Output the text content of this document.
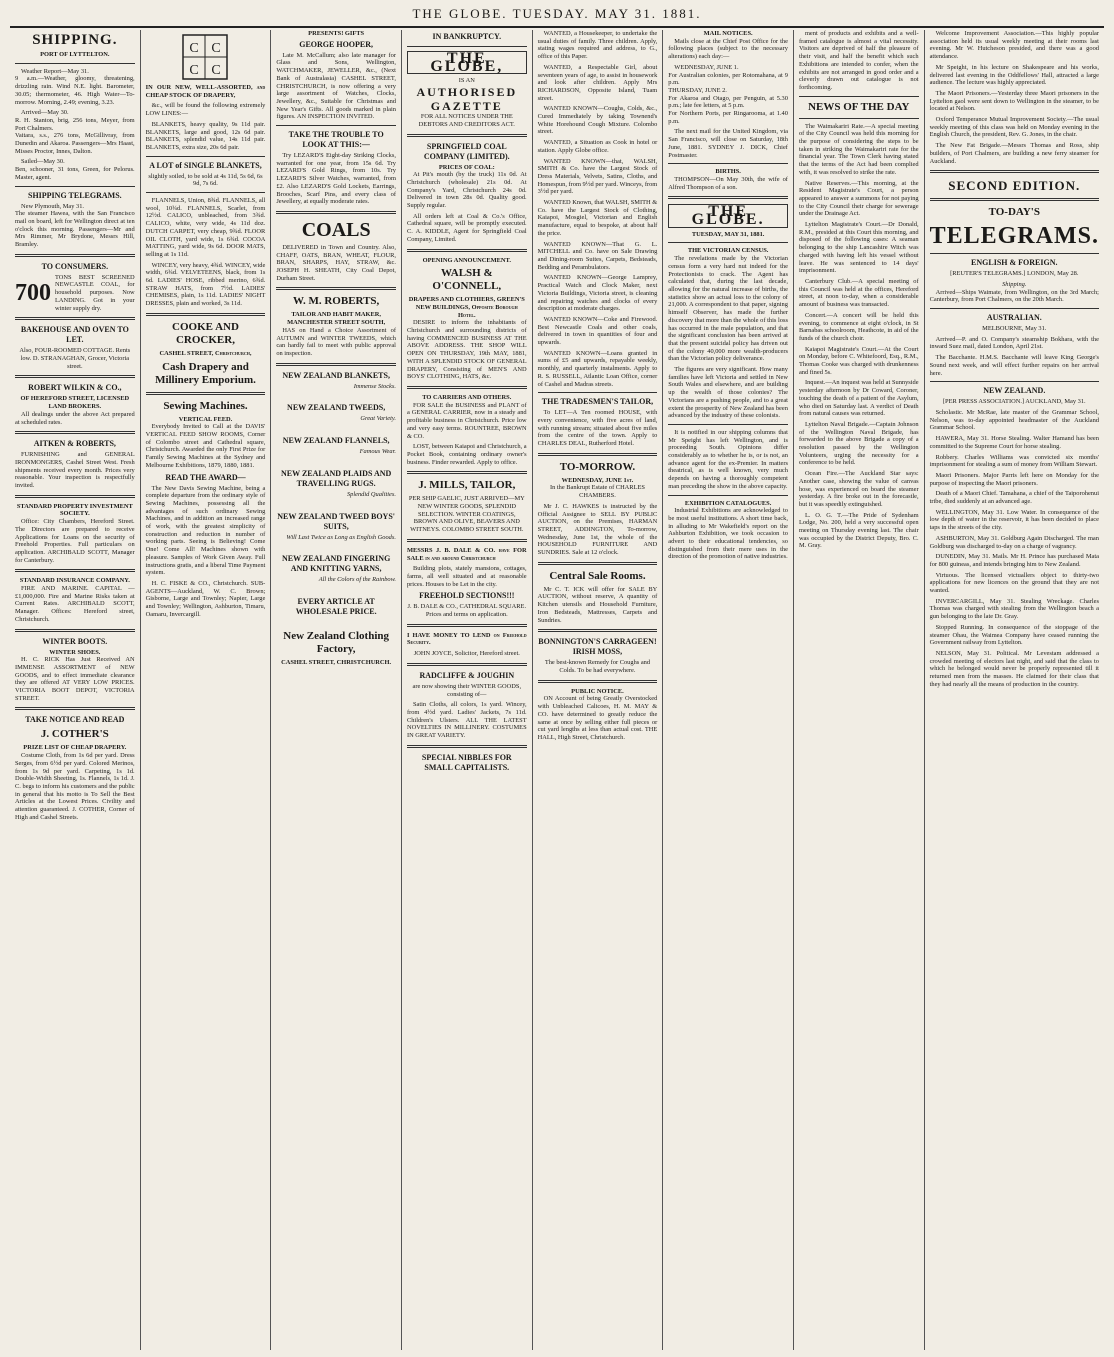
THE GLOBE. TUESDAY. MAY 31. 1881.
SHIPPING.
PORT OF LYTTELTON.

Weather Report—May 31.
9 a.m.—Weather, gloomy, threatening, drizzling rain. Wind N.E. light. Barometer, 30.05; thermometer, 46. High Water—To-morrow. Morning, 2.49; evening, 3.23.

Arrived—May 30.
R. H. Stanton, brig, 256 tons, Meyer, from Port Chalmers.
Vaitara, s.s., 276 tons, McGillivray, from Dunedin and Akaroa. Passengers—Mrs Haast, Misses Proctor, Innes, Dalton.

Sailed—May 30.
Ben, schooner, 31 tons, Green, for Pelorus. Master, agent.

SHIPPING TELEGRAMS.

New Plymouth, May 31.
The steamer Hawea, with the San Francisco mail on board, left for Wellington direct at ten o'clock this morning. Passengers—Mr and Mrs Rimmer, Mr Brydone, Messrs Hill, Bramley.

TO CONSUMERS.
700
TONS BEST SCREENED NEWCASTLE COAL, for household purposes. Now LANDING. Got in your winter supply dry.
BAKEHOUSE AND OVEN TO LET.

Also, FOUR-ROOMED COTTAGE. Rents low. D. STRANAGHAN, Grocer, Victoria street.

ROBERT WILKIN & CO.,
OF HEREFORD STREET, LICENSED LAND BROKERS.

All dealings under the above Act prepared at scheduled rates.

AITKEN & ROBERTS,

FURNISHING and GENERAL IRONMONGERS, Cashel Street West. Fresh shipments received every month. Prices very reasonable. Your inspection is respectfully invited.

STANDARD PROPERTY INVESTMENT SOCIETY.

Office: City Chambers, Hereford Street. The Directors are prepared to receive Applications for Loans on the security of Freehold Properties. Full particulars on application. ARCHIBALD SCOTT, Manager for Canterbury.

STANDARD INSURANCE COMPANY.

FIRE AND MARINE. CAPITAL — £1,000,000. Fire and Marine Risks taken at Current Rates. ARCHIBALD SCOTT, Manager. Offices: Hereford street, Christchurch.

WINTER BOOTS.
WINTER SHOES.

H. C. RICK Has Just Received AN IMMENSE ASSORTMENT of NEW GOODS, and to effect immediate clearance they are offered AT VERY LOW PRICES. VICTORIA BOOT DEPOT, VICTORIA STREET.

TAKE NOTICE AND READ
J. COTHER'S
PRIZE LIST OF CHEAP DRAPERY.

Costume Cloth, from 1s 6d per yard. Dress Serges, from 6½d per yard. Colored Merinos, from 1s 9d per yard. Carpeting, 1s 1d. Double-Width Sheeting, 1s. Flannels, 1s 1d. J. C. begs to inform his customers and the public in general that his motto is To Sell the Best Articles at the Lowest Prices. Civility and attention guaranteed. J. COTHER, Corner of High and Cashel Streets.

C C
C C

IN OUR NEW, WELL-ASSORTED, and CHEAP STOCK OF DRAPERY,

&c., will be found the following extremely LOW LINES:—

BLANKETS, heavy quality, 9s 11d pair. BLANKETS, large and good, 12s 6d pair. BLANKETS, splendid value, 14s 11d pair. BLANKETS, extra size, 20s 6d pair.

A LOT of SINGLE BLANKETS,

slightly soiled, to be sold at 4s 11d, 5s 6d, 6s 9d, 7s 6d.

FLANNELS, Union, 8¾d. FLANNELS, all wool, 10¾d. FLANNELS, Scarlet, from 12½d. CALICO, unbleached, from 3¾d. CALICO, white, very wide, 4s 11d doz. DUTCH CARPET, very cheap, 9¾d. FLOOR OIL CLOTH, yard wide, 1s 6¾d. COCOA MATTING, yard wide, 9s 6d. DOOR MATS, selling at 1s 11d.

WINCEY, very heavy, 4¾d. WINCEY, wide width, 6¾d. VELVETEENS, black, from 1s 6d. LADIES' HOSE, ribbed merino, 6¾d. STRAW HATS, from 7½d. LADIES' CHEMISES, plain, 1s 11d. LADIES' NIGHT DRESSES, plain and worked, 3s 11d.

COOKE AND CROCKER,
CASHEL STREET, Christchurch,
Cash Drapery and Millinery Emporium.
Sewing Machines.
VERTICAL FEED.

Everybody Invited to Call at the DAVIS' VERTICAL FEED SHOW ROOMS, Corner of Colombo street and Cathedral square, Christchurch. Awarded the only First Prize for Family Sewing Machines at the Sydney and Melbourne Exhibitions, 1879, 1880, 1881.

READ THE AWARD—

The New Davis Sewing Machine, being a complete departure from the ordinary style of Sewing Machines, possessing all the advantages of such ordinary Sewing Machines, and in addition an increased range of work, with the greatest simplicity of construction and reduction in number of working parts. Seeing is Believing! Come One! Come All! Machines shown with pleasure. Samples of Work Given Away. Full instructions gratis, and a liberal Time Payment system.

H. C. FISKE & CO., Christchurch. SUB-AGENTS—Auckland, W. C. Brown; Gisborne, Large and Townley; Napier, Large and Townley; Wellington, Ashburton, Timaru, Oamaru, Invercargill.

PRESENTS! GIFTS
GEORGE HOOPER,

Late M. McCallum; also late manager for Glass and Sons, Wellington, WATCHMAKER, JEWELLER, &c., (Next Bank of Australasia) CASHEL STREET, CHRISTCHURCH, is now offering a very large assortment of Watches, Clocks, Jewellery, &c., Suitable for Christmas and New Year's Gifts. All goods marked in plain figures. AN INSPECTION INVITED.

TAKE THE TROUBLE TO LOOK AT THIS:—

Try LEZARD'S Eight-day Striking Clocks, warranted for one year, from 15s 6d. Try LEZARD'S Gold Rings, from 10s. Try LEZARD'S Silver Watches, warranted, from £2. Also LEZARD'S Gold Lockets, Earrings, Brooches, Scarf Pins, and every class of Jewellery, at equally moderate rates.

COALS

DELIVERED in Town and Country. Also, CHAFF, OATS, BRAN, WHEAT, FLOUR, BRAN, SHARPS, HAY, STRAW, &c. JOSEPH H. SHEATH, City Coal Depot, Durham Street.

W. M. ROBERTS,
TAILOR AND HABIT MAKER, MANCHESTER STREET SOUTH,

HAS on Hand a Choice Assortment of AUTUMN and WINTER TWEEDS, which can hardly fail to meet with public approval on inspection.

NEW ZEALAND BLANKETS,

Immense Stocks.

NEW ZEALAND TWEEDS,

Great Variety.

NEW ZEALAND FLANNELS,

Famous Wear.

NEW ZEALAND PLAIDS AND TRAVELLING RUGS.

Splendid Qualities.

NEW ZEALAND TWEED BOYS' SUITS,

Will Last Twice as Long as English Goods.

NEW ZEALAND FINGERING AND KNITTING YARNS,

All the Colors of the Rainbow.

EVERY ARTICLE AT WHOLESALE PRICE.
New Zealand Clothing Factory,
CASHEL STREET, CHRISTCHURCH.
IN BANKRUPTCY.
THE GLOBE,
IS AN
AUTHORISED GAZETTE

FOR ALL NOTICES UNDER THE DEBTORS AND CREDITORS ACT.

SPRINGFIELD COAL COMPANY (LIMITED).
PRICES OF COAL:

At Pit's mouth (by the truck) 11s 0d. At Christchurch (wholesale) 21s 0d. At Company's Yard, Christchurch 24s 0d. Delivered in town 28s 0d. Quality good. Supply regular.

All orders left at Coal & Co.'s Office, Cathedral square, will be promptly executed. C. A. KIDDLE, Agent for Springfield Coal Company, Limited.

OPENING ANNOUNCEMENT.
WALSH & O'CONNELL,
DRAPERS AND CLOTHIERS, GREEN'S NEW BUILDINGS, Opposite Borough Hotel.

DESIRE to inform the inhabitants of Christchurch and surrounding districts of having COMMENCED BUSINESS AT THE ABOVE ADDRESS. THE SHOP WILL OPEN ON THURSDAY, 19th MAY, 1881, WITH A SPLENDID STOCK OF GENERAL DRAPERY, Consisting of MEN'S AND BOYS' CLOTHING, HATS, &c.

TO CARRIERS AND OTHERS.

FOR SALE the BUSINESS and PLANT of a GENERAL CARRIER, now in a steady and profitable business in Christchurch. Price low and very easy terms. ROUNTREE, BROWN & CO.

LOST, between Kaiapoi and Christchurch, a Pocket Book, containing ordinary owner's business. Finder rewarded. Apply to office.

J. MILLS, TAILOR,

PER SHIP GAELIC, JUST ARRIVED—MY NEW WINTER GOODS, SPLENDID SELECTION. WINTER COATINGS, BROWN AND OLIVE, BEAVERS AND WITNEYS. COLOMBO STREET SOUTH.

MESSRS J. B. DALE & CO. have FOR SALE in and around Christchurch

Building plots, stately mansions, cottages, farms, all well situated and at reasonable prices. Houses to be Let in the city.

FREEHOLD SECTIONS!!!

J. B. DALE & CO., CATHEDRAL SQUARE. Prices and terms on application.

I HAVE MONEY TO LEND on Freehold Security.

JOHN JOYCE, Solicitor, Hereford street.

RADCLIFFE & JOUGHIN

are now showing their WINTER GOODS, consisting of—

Satin Cloths, all colors, 1s yard. Wincey, from 4½d yard. Ladies' Jackets, 7s 11d. Children's Ulsters. ALL THE LATEST NOVELTIES IN MILLINERY. COSTUMES IN GREAT VARIETY.

SPECIAL NIBBLES FOR SMALL CAPITALISTS.

WANTED, a Housekeeper, to undertake the usual duties of family. Three children. Apply, stating wages required and address, to G., office of this Paper.

WANTED, a Respectable Girl, about seventeen years of age, to assist in housework and look after children. Apply Mrs RICHARDSON, Opposite Island, Tuam street.

WANTED KNOWN—Coughs, Colds, &c., Cured Immediately by taking Townend's White Horehound Cough Mixture. Colombo street.

WANTED, a Situation as Cook in hotel or station. Apply Globe office.

WANTED KNOWN—that, WALSH, SMITH & Co. have the Largest Stock of Dress Materials, Velvets, Satins, Cloths, and Homespun, from 9½d per yard. Winceys, from 3½d per yard.

WANTED Known, that WALSH, SMITH & Co. have the Largest Stock of Clothing, Kaiapoi, Mosgiel, Victorian and English manufacture, equal to bespoke, at about half the price.

WANTED KNOWN—That G. L. MITCHELL and Co. have on Sale Drawing and Dining-room Suites, Carpets, Bedsteads, Bedding and Perambulators.

WANTED KNOWN—George Lamprey, Practical Watch and Clock Maker, next Victoria Buildings, Victoria street, is cleaning and repairing watches and clocks of every description at moderate charges.

WANTED KNOWN—Coke and Firewood. Best Newcastle Coals and other coals, delivered in town in quantities of four and upwards.

WANTED KNOWN—Loans granted in sums of £5 and upwards, repayable weekly, monthly, and quarterly instalments. Apply to R. S. RUSSELL, Atlantic Loan Office, corner of Cashel and Madras streets.

THE TRADESMEN'S TAILOR,

To LET—A Ten roomed HOUSE, with every convenience, with five acres of land, with running stream; situated about five miles from the centre of the town. Apply to CHARLES DEAL, Rutherford Hotel.

TO-MORROW.
WEDNESDAY, JUNE 1st.

In the Bankrupt Estate of CHARLES CHAMBERS.

Mr J. C. HAWKES is instructed by the Official Assignee to SELL BY PUBLIC AUCTION, on the Premises, HARMAN STREET, ADDINGTON, To-morrow, Wednesday, June 1st, the whole of the HOUSEHOLD FURNITURE AND SUNDRIES. Sale at 12 o'clock.

Central Sale Rooms.

Mr C. T. ICK will offer for SALE BY AUCTION, without reserve, A quantity of Kitchen utensils and Household Furniture, Iron Bedsteads, Mattresses, Carpets and Sundries.

BONNINGTON'S CARRAGEEN! IRISH MOSS,

The best-known Remedy for Coughs and Colds. To be had everywhere.

PUBLIC NOTICE.

ON Account of being Greatly Overstocked with Unbleached Calicoes, H. M. MAY & CO. have determined to greatly reduce the same at once by selling either full pieces or cut yard lengths at less than actual cost. THE HALL, High Street, Christchurch.

MAIL NOTICES.

Mails close at the Chief Post Office for the following places (subject to the necessary alterations) each day:—

WEDNESDAY, JUNE 1.
For Australian colonies, per Rotomahana, at 9 p.m.
THURSDAY, JUNE 2.
For Akaroa and Otago, per Penguin, at 5.30 p.m.; late fee letters, at 5 p.m.
For Northern Ports, per Ringarooma, at 1.40 p.m.

The next mail for the United Kingdom, via San Francisco, will close on Saturday, 18th June, 1881. SYDNEY J. DICK, Chief Postmaster.

BIRTHS.

THOMPSON—On May 30th, the wife of Alfred Thompson of a son.

THE GLOBE.
TUESDAY, MAY 31, 1881.
THE VICTORIAN CENSUS.

The revelations made by the Victorian census form a very hard nut indeed for the Protectionists to crack. The Agent has calculated that, during the last decade, allowing for the natural increase of births, the statistics show an actual loss to the colony of 21,000. A correspondent to that paper, signing himself Observer, has made the further discovery that more than the whole of this loss has occurred in the male population, and that the significant conclusion has been arrived at that the present suicidal policy has driven out of the colony 40,000 more wealth-producers than the Victorian policy deliverance.

The figures are very significant. How many families have left Victoria and settled in New South Wales and elsewhere, and are building up the wealth of those colonies? The Victorians are a pushing people, and to a great extent the prosperity of New Zealand has been advanced by the industry of these colonists.

It is notified in our shipping columns that Mr Speight has left Wellington, and is proceeding South. Opinions differ considerably as to whether he is, or is not, an advance agent for the ex-Premier. In matters theatrical, as is well known, very much depends on having a thoroughly competent man preceding the show in the above capacity.

EXHIBITION CATALOGUES.

Industrial Exhibitions are acknowledged to be most useful institutions. A short time back, in alluding to Mr Wakefield's report on the Ashburton Exhibition, we took occasion to advert to their educational tendencies, so distinguished from their mere uses in the direction of the promotion of native industries.

ment of products and exhibits and a well-framed catalogue is almost a vital necessity. Visitors are deprived of half the pleasure of their visit, and half the benefit which such Exhibitions are intended to confer, when the exhibits are not arranged in good order and a cleverly drawn out catalogue is not forthcoming.

NEWS OF THE DAY

The Waimakariri Rate.—A special meeting of the City Council was held this morning for the purpose of considering the steps to be taken in striking the Waimakariri rate for the financial year. The Town Clerk having stated that the terms of the Act had been complied with, it was resolved to strike the rate.

Native Reserves.—This morning, at the Resident Magistrate's Court, a person appeared to answer a summons for not paying to the City Council their charge for sewerage under the Drainage Act.

Lyttelton Magistrate's Court.—Dr Donald, R.M., presided at this Court this morning, and disposed of the following cases: A seaman belonging to the ship Lancashire Witch was charged with having left his vessel without leave. He was sentenced to 14 days' imprisonment.

Canterbury Club.—A special meeting of this Council was held at the offices, Hereford street, at noon to-day, when a considerable amount of business was transacted.

Concert.—A concert will be held this evening, to commence at eight o'clock, in St Barnabas schoolroom, Heathcote, in aid of the funds of the church choir.

Kaiapoi Magistrate's Court.—At the Court on Monday, before C. Whitefoord, Esq., R.M., Thomas Cooke was charged with drunkenness and fined 5s.

Inquest.—An inquest was held at Sunnyside yesterday afternoon by Dr Coward, Coroner, touching the death of a patient of the Asylum, who died on Saturday last. A verdict of Death from natural causes was returned.

Lyttelton Naval Brigade.—Captain Johnson of the Wellington Naval Brigade, has forwarded to the above Brigade a copy of a resolution passed by the Wellington Volunteers, urging the necessity for a conference to be held.

Ocean Fire.—The Auckland Star says: Another case, showing the value of canvas hose, was experienced on board the steamer yesterday. A fire broke out in the forecastle, but it was speedily extinguished.

L. O. G. T.—The Pride of Sydenham Lodge, No. 200, held a very successful open meeting on Thursday evening last. The chair was occupied by the District Deputy, Bro. C. M. Gray.

Welcome Improvement Association.—This highly popular association held its usual weekly meeting at their rooms last evening. Mr W. Hutcheson presided, and there was a good attendance.

Mr Speight, in his lecture on Shakespeare and his works, delivered last evening in the Oddfellows' Hall, attracted a large audience. The lecture was highly appreciated.

The Maori Prisoners.—Yesterday three Maori prisoners in the Lyttelton gaol were sent down to Wellington in the steamer, to be located at Nelson.

Oxford Temperance Mutual Improvement Society.—The usual weekly meeting of this class was held on Monday evening in the English Church, the president, Rev. G. Jones, in the chair.

The New Fat Brigade.—Messrs Thomas and Ross, ship builders, of Port Chalmers, are building a new ferry steamer for Auckland.

SECOND EDITION.
TO-DAY'S
TELEGRAMS.
ENGLISH & FOREIGN.

[REUTER'S TELEGRAMS.] LONDON, May 28.

Shipping.

Arrived—Ships Waimate, from Wellington, on the 3rd March; Canterbury, from Port Chalmers, on the 20th March.

AUSTRALIAN.

MELBOURNE, May 31.

Arrived—P. and O. Company's steamship Bokhara, with the inward Suez mail, dated London, April 21st.

The Bacchante. H.M.S. Bacchante will leave King George's Sound next week, and will effect further repairs on her arrival here.

NEW ZEALAND.

[PER PRESS ASSOCIATION.] AUCKLAND, May 31.

Scholastic. Mr McRae, late master of the Grammar School, Nelson, was to-day appointed headmaster of the Auckland Grammar School.

HAWERA, May 31. Horse Stealing. Walter Hamand has been committed to the Supreme Court for horse stealing.

Robbery. Charles Williams was convicted six months' imprisonment for stealing a sum of money from William Stewart.

Maori Prisoners. Major Parris left here on Monday for the purpose of inspecting the Maori prisoners.

Death of a Maori Chief. Tamahana, a chief of the Taiporohenui tribe, died suddenly at an advanced age.

WELLINGTON, May 31. Low Water. In consequence of the low depth of water in the reservoir, it has been decided to place taps in the streets of the city.

ASHBURTON, May 31. Goldburg Again Discharged. The man Goldburg was discharged to-day on a charge of vagrancy.

DUNEDIN, May 31. Mails. Mr H. Prince has purchased Mata for 800 guineas, and intends bringing him to New Zealand.

Virtuous. The licensed victuallers object to thirty-two applications for new licences on the ground that they are not wanted.

INVERCARGILL, May 31. Stealing Wreckage. Charles Thomas was charged with stealing from the Wellington beach a gun belonging to the late Dr. Gray.

Stopped Running. In consequence of the stoppage of the steamer Ohau, the Waimea Company have ceased running the Government railway from Lyttelton.

NELSON, May 31. Political. Mr Levestam addressed a crowded meeting of electors last night, and said that the class to which he belonged would never be properly represented till it returned men from the masses. He claimed for their class that they had nearly all the means of production in the country.
